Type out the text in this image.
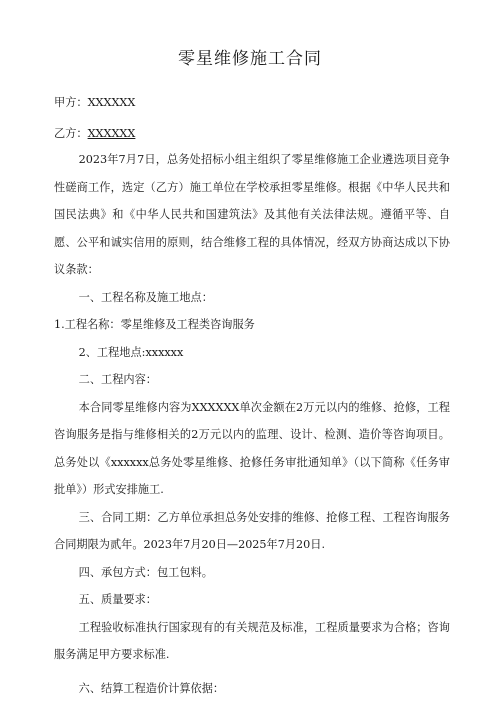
零星维修施工合同

甲方：XXXXXX

乙方：XXXXXX

2023年7月7日，总务处招标小组主组织了零星维修施工企业遴选项目竞争性磋商工作，选定（乙方）施工单位在学校承担零星维修。根据《中华人民共和国民法典》和《中华人民共和国建筑法》及其他有关法律法规。遵循平等、自愿、公平和诚实信用的原则，结合维修工程的具体情况，经双方协商达成以下协议条款：

一、工程名称及施工地点：

1.工程名称：零星维修及工程类咨询服务

2、工程地点:xxxxxx

二、工程内容：

本合同零星维修内容为XXXXXX单次金额在2万元以内的维修、抢修，工程咨询服务是指与维修相关的2万元以内的监理、设计、检测、造价等咨询项目。总务处以《xxxxxx总务处零星维修、抢修任务审批通知单》（以下简称《任务审批单》）形式安排施工.

三、合同工期：乙方单位承担总务处安排的维修、抢修工程、工程咨询服务合同期限为贰年。2023年7月20日—2025年7月20日.

四、承包方式：包工包料。

五、质量要求：

工程验收标准执行国家现有的有关规范及标准，工程质量要求为合格；咨询服务满足甲方要求标准.

六、结算工程造价计算依据：
